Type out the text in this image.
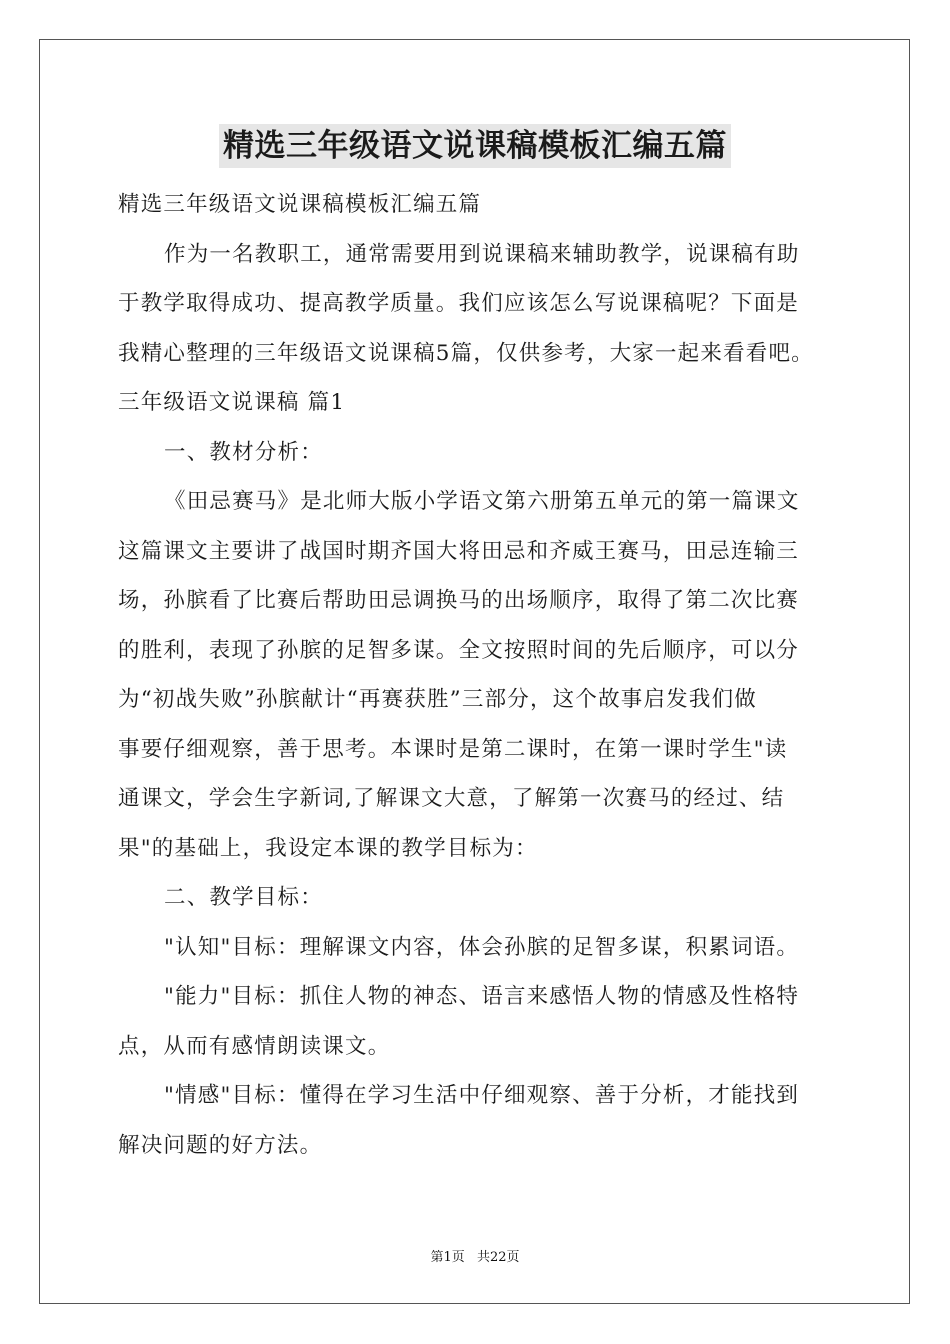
精选三年级语文说课稿模板汇编五篇
精选三年级语文说课稿模板汇编五篇
作为一名教职工，通常需要用到说课稿来辅助教学，说课稿有助
于教学取得成功、提高教学质量。我们应该怎么写说课稿呢？下面是
我精心整理的三年级语文说课稿5篇，仅供参考，大家一起来看看吧。
三年级语文说课稿 篇1
一、教材分析：
《田忌赛马》是北师大版小学语文第六册第五单元的第一篇课文
这篇课文主要讲了战国时期齐国大将田忌和齐威王赛马，田忌连输三
场，孙膑看了比赛后帮助田忌调换马的出场顺序，取得了第二次比赛
的胜利，表现了孙膑的足智多谋。全文按照时间的先后顺序，可以分
为“初战失败”孙膑献计“再赛获胜”三部分，这个故事启发我们做
事要仔细观察，善于思考。本课时是第二课时，在第一课时学生"读
通课文，学会生字新词,了解课文大意，了解第一次赛马的经过、结
果"的基础上，我设定本课的教学目标为：
二、教学目标：
"认知"目标：理解课文内容，体会孙膑的足智多谋，积累词语。
"能力"目标：抓住人物的神态、语言来感悟人物的情感及性格特
点，从而有感情朗读课文。
"情感"目标：懂得在学习生活中仔细观察、善于分析，才能找到
解决问题的好方法。
第1页 共22页
